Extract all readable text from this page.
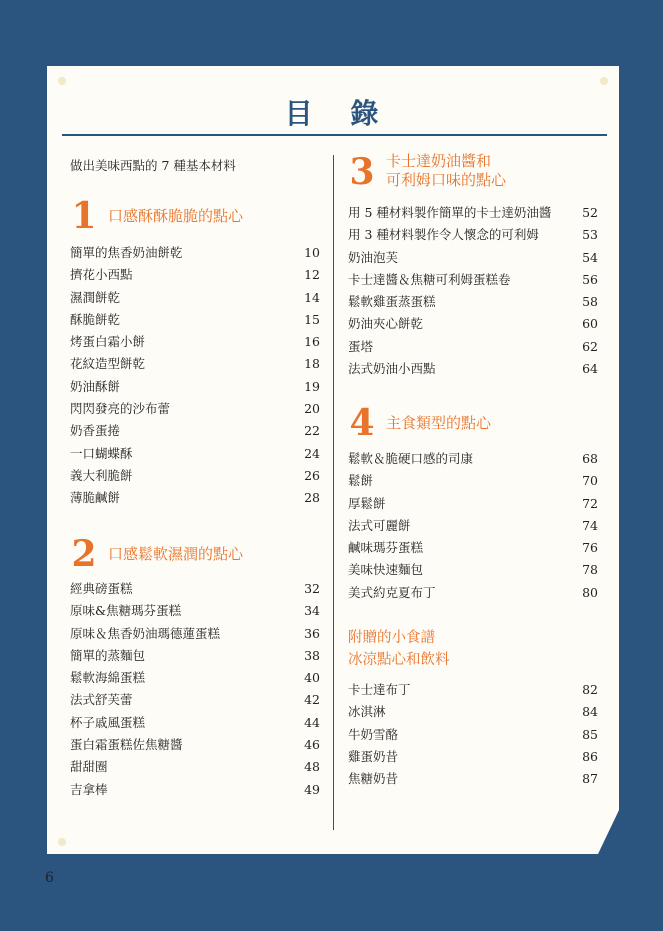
目 錄
做出美味西點的 7 種基本材料
1 口感酥酥脆脆的點心
簡單的焦香奶油餅乾	10
擠花小西點	12
濕潤餅乾	14
酥脆餅乾	15
烤蛋白霜小餅	16
花紋造型餅乾	18
奶油酥餅	19
閃閃發亮的沙布蕾	20
奶香蛋捲	22
一口蝴蝶酥	24
義大利脆餅	26
薄脆鹹餅	28
2 口感鬆軟濕潤的點心
經典磅蛋糕	32
原味&焦糖瑪芬蛋糕	34
原味＆焦香奶油瑪德蓮蛋糕	36
簡單的蒸麵包	38
鬆軟海綿蛋糕	40
法式舒芙蕾	42
杯子戚風蛋糕	44
蛋白霜蛋糕佐焦糖醬	46
甜甜圈	48
吉拿棒	49
3 卡士達奶油醬和
可利姆口味的點心
用 5 種材料製作簡單的卡士達奶油醬 52
用 3 種材料製作令人懷念的可利姆	53
奶油泡芙	54
卡士達醬＆焦糖可利姆蛋糕卷	56
鬆軟雞蛋蒸蛋糕	58
奶油夾心餅乾	60
蛋塔	62
法式奶油小西點	64
4 主食類型的點心
鬆軟＆脆硬口感的司康	68
鬆餅	70
厚鬆餅	72
法式可麗餅	74
鹹味瑪芬蛋糕	76
美味快速麵包	78
美式約克夏布丁	80
附贈的小食譜
冰涼點心和飲料
卡士達布丁	82
冰淇淋	84
牛奶雪酪	85
雞蛋奶昔	86
焦糖奶昔	87
6
